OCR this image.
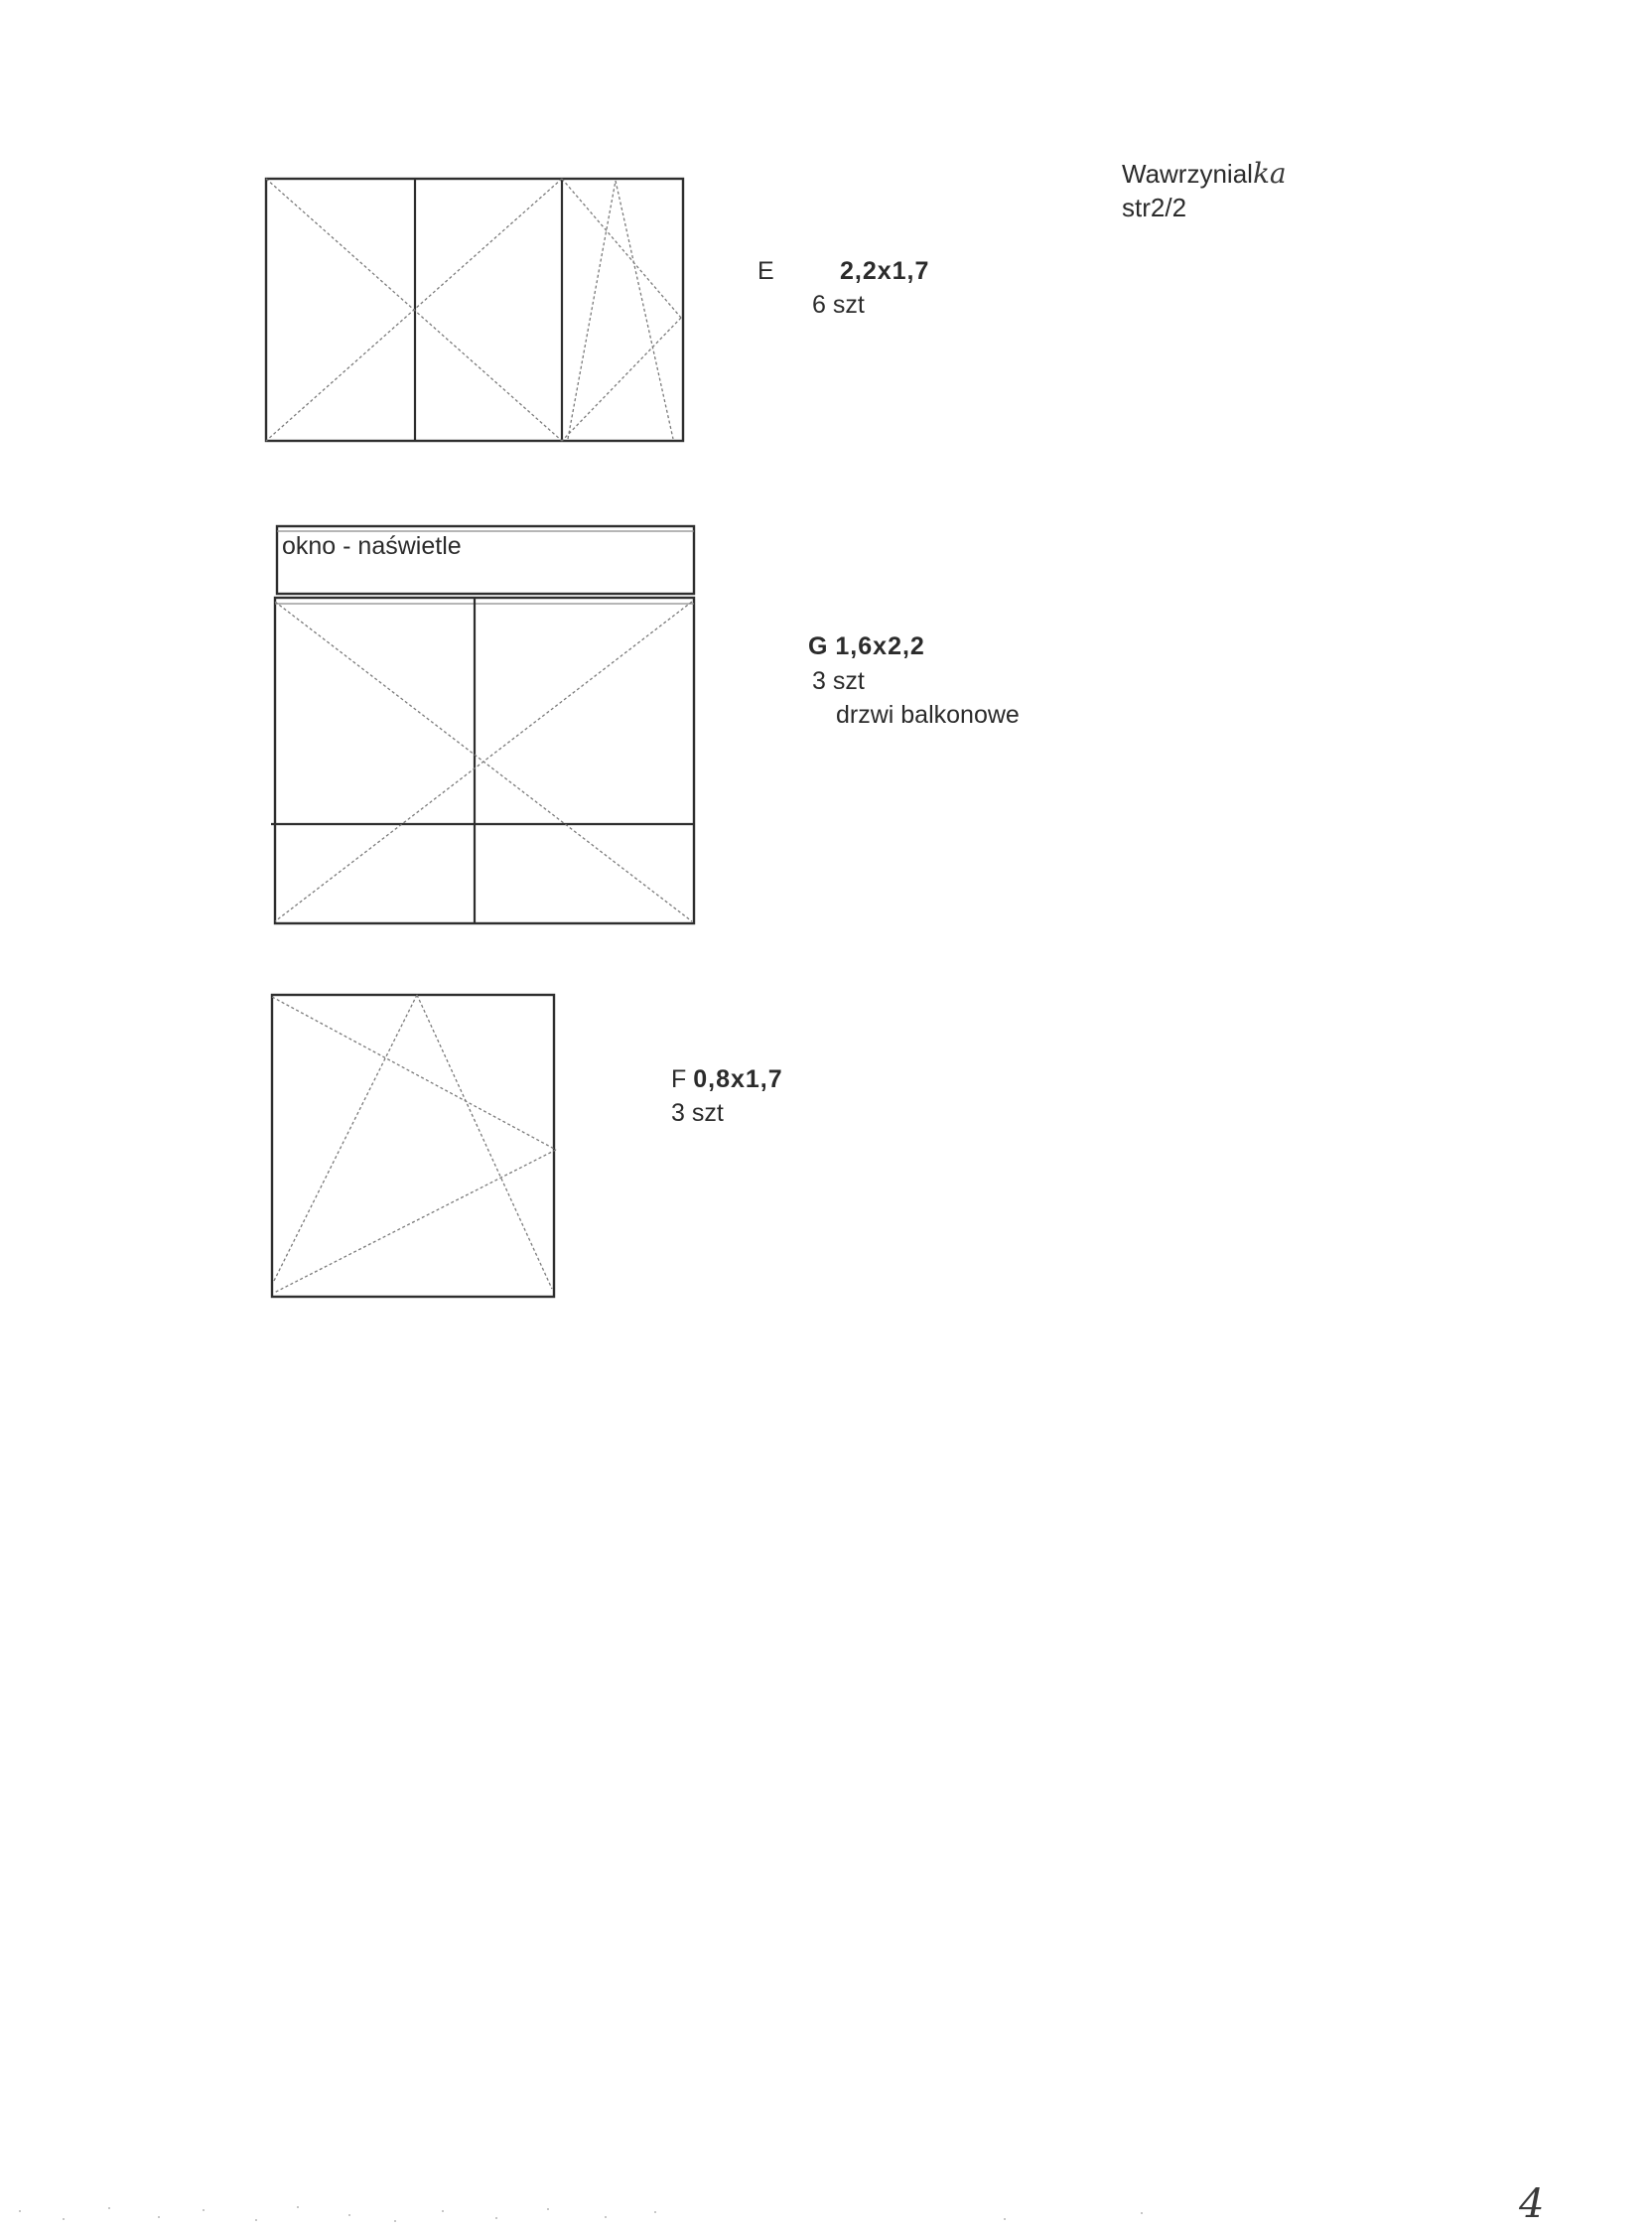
Wawrzynialka
str2/2
E	2,2x1,7
6 szt
okno - naświetle
G 1,6x2,2
3 szt
drzwi balkonowe
F 0,8x1,7
3 szt
4
